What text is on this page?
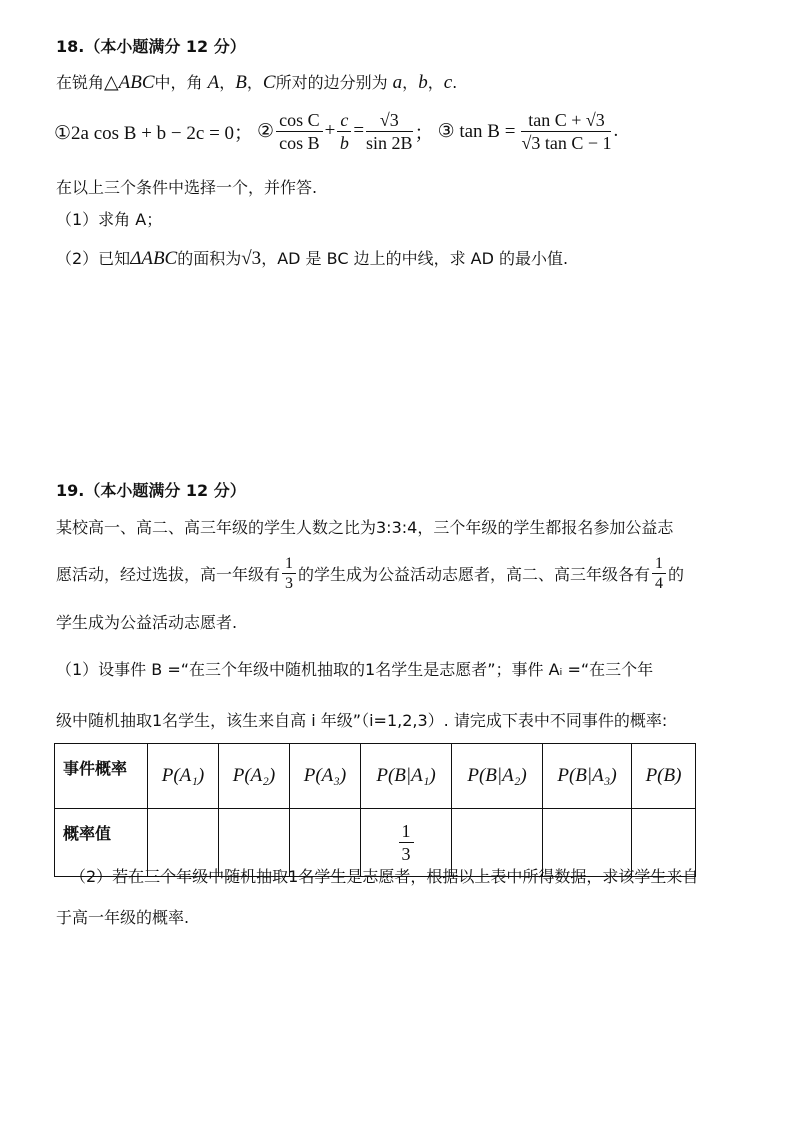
18.（本小题满分 12 分）
在锐角△ABC中，角 A，B，C所对的边分别为 a，b，c.
①2a cos B + b − 2c = 0； ② $\frac{\text{cos C}}{\text{cos B}} + \frac{c}{b} = \frac{√3}{\sin 2B}$ ； ③ $\tan B = \frac{\text{tan C + √3}}{\text{√3 tan C − 1}}$ .
在以上三个条件中选择一个，并作答.
（1）求角 A；
（2）已知ΔABC的面积为√3，AD 是 BC 边上的中线，求 AD 的最小值.
19.（本小题满分 12 分）
某校高一、高二、高三年级的学生人数之比为3:3:4，三个年级的学生都报名参加公益志
愿活动，经过选拔，高一年级有 $\frac{1}{3}$ 的学生成为公益活动志愿者，高二、高三年级各有 $\frac{1}{4}$ 的
学生成为公益活动志愿者.
（1）设事件 B =“在三个年级中随机抽取的1名学生是志愿者”；事件 Aᵢ =“在三个年
级中随机抽取1名学生，该生来自高 i 年级”（i=1,2,3）. 请完成下表中不同事件的概率:
事件概率	P(A₁)	P(A₂)	P(A₃)	P(B|A₁)	P(B|A₂)	P(B|A₃)	P(B)
概率值				$\frac{1}{3}$

（2）若在三个年级中随机抽取1名学生是志愿者，根据以上表中所得数据，求该学生来自
于高一年级的概率.
